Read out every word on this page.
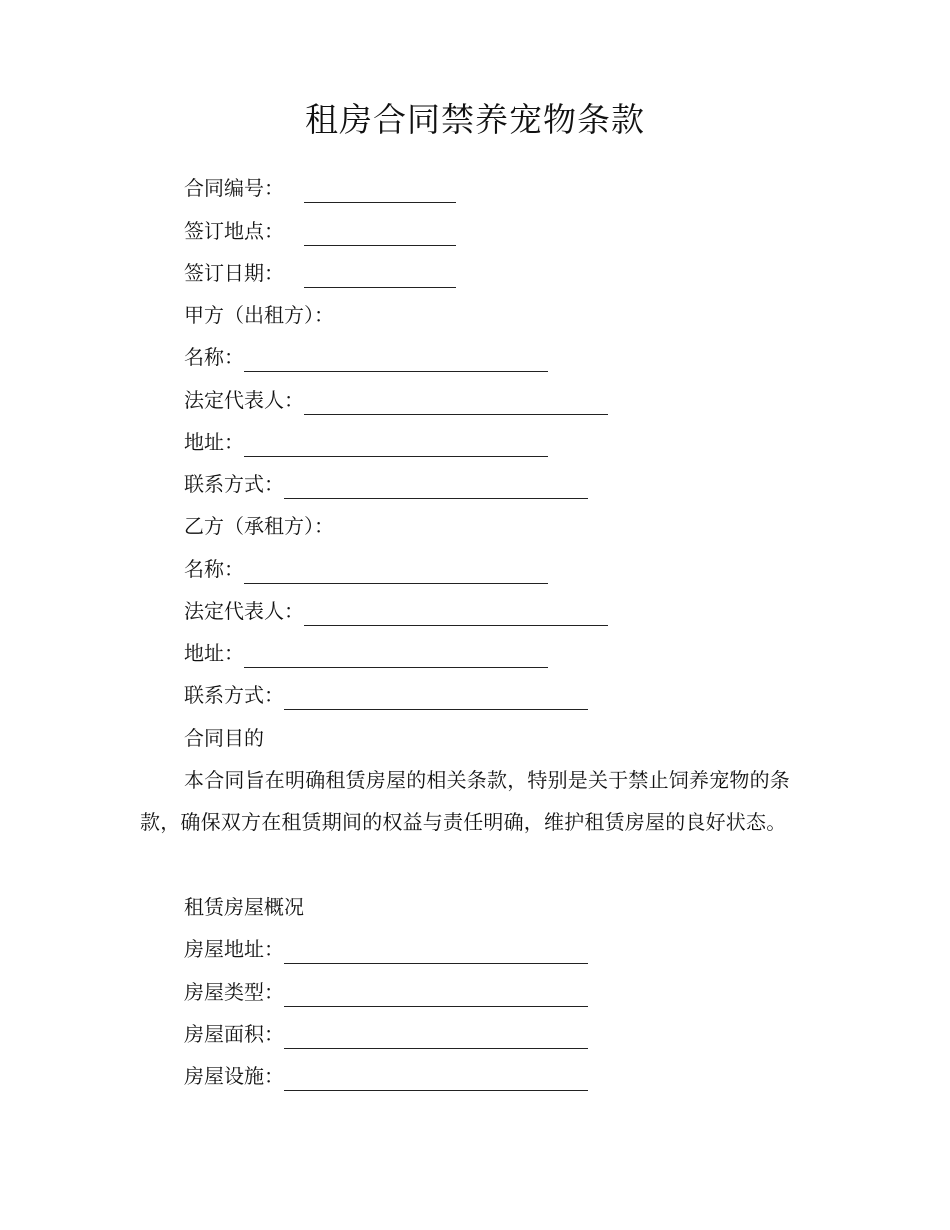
租房合同禁养宠物条款
合同编号：
签订地点：
签订日期：
甲方（出租方）：
名称：
法定代表人：
地址：
联系方式：
乙方（承租方）：
名称：
法定代表人：
地址：
联系方式：
合同目的
本合同旨在明确租赁房屋的相关条款，特别是关于禁止饲养宠物的条款，确保双方在租赁期间的权益与责任明确，维护租赁房屋的良好状态。
租赁房屋概况
房屋地址：
房屋类型：
房屋面积：
房屋设施：
